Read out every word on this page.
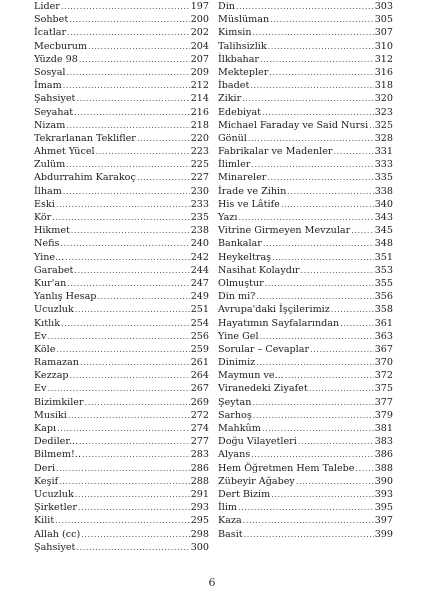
Lider .....	197
Sohbet .....	200
İcatlar .....	202
Mecburum .....	204
Yüzde 98 .....	207
Sosyal .....	209
İmam .....	212
Şahsiyet .....	214
Seyahat .....	216
Nizam .....	218
Tekrarlanan Teklifler .....	220
Ahmet Yücel .....	223
Zulüm .....	225
Abdurrahim Karakoç .....	227
İlham .....	230
Eski .....	233
Kör .....	235
Hikmet .....	238
Nefis .....	240
Yine... .....	242
Garabet .....	244
Kur'an .....	247
Yanlış Hesap .....	249
Ucuzluk .....	251
Kıtlık .....	254
Ev .....	256
Köle .....	259
Ramazan .....	261
Kezzap .....	264
Ev .....	267
Bizimkiler .....	269
Musiki .....	272
Kapı .....	274
Dediler... .....	277
Bilmem!.. .....	283
Deri .....	286
Keşif .....	288
Ucuzluk .....	291
Şirketler .....	293
Kilit .....	295
Allah (cc) .....	298
Şahsiyet .....	300
Din .....	303
Müslüman .....	305
Kimsin .....	307
Talihsizlik .....	310
İlkbahar .....	312
Mektepler .....	316
İbadet .....	318
Zikir .....	320
Edebiyat .....	323
Michael Faraday ve Said Nursi ..... 325
Gönül .....	328
Fabrikalar ve Madenler .....	331
İlimler .....	333
Minareler .....	335
İrade ve Zihin .....	338
His ve Lâtife .....	340
Yazı .....	343
Vitrine Girmeyen Mevzular .....	345
Bankalar .....	348
Heykeltraş .....	351
Nasihat Kolaydır .....	353
Olmuştur .....	355
Din mi? .....	356
Avrupa'daki İşçilerimiz .....	358
Hayatımın Sayfalarından .....	361
Yine Gel .....	363
Sorular – Cevaplar .....	367
Dinimiz .....	370
Maymun ve... .....	372
Viranedeki Ziyafet .....	375
Şeytan .....	377
Sarhoş .....	379
Mahkûm .....	381
Doğu Vilayetleri .....	383
Alyans .....	386
Hem Öğretmen Hem Talebe ..... 388
Zübeyir Ağabey .....	390
Dert Bizim .....	393
İlim .....	395
Kaza .....	397
Basit .....	399
6
